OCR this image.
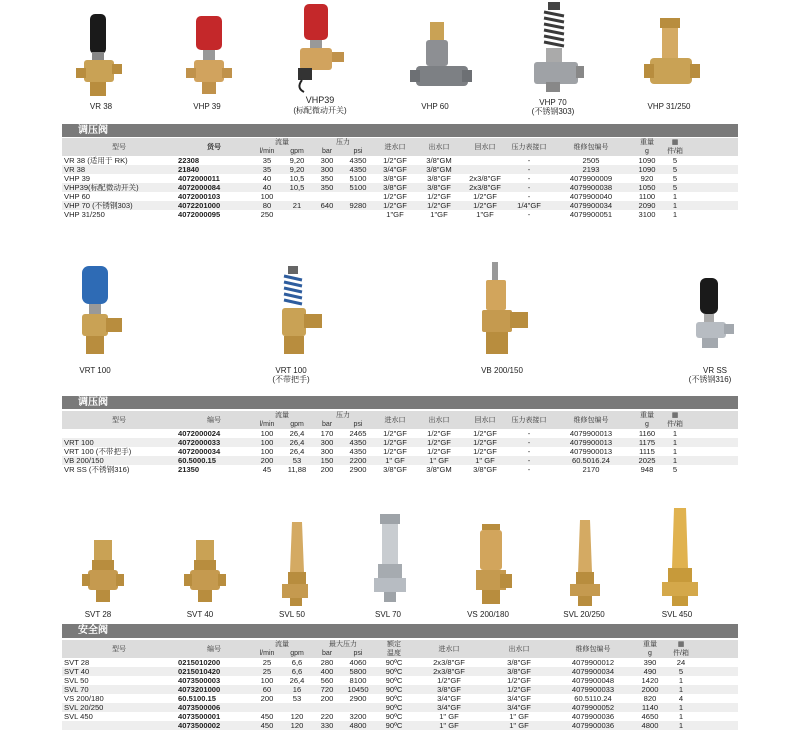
VR 38	VHP 39
VHP39
(标配微动开关)	VHP 60	VHP 70
(不锈钢303)
VHP 31/250
调压阀
型号	货号	流量		压力		进水口	出水口	回水口	压力表接口	维修包编号	重量	▦	
		l/min	gpm	bar	psi						g	件/箱	
VR 38 (适用于 RK)	22308	35	9,20	300	4350	1/2"GF	3/8"GM		-	2505	1090	5	
VR 38	21840	35	9,20	300	4350	3/4"GF	3/8"GM		-	2193	1090	5	
VHP 39	4072000011	40	10,5	350	5100	3/8"GF	3/8"GF	2x3/8"GF	-	4079900009	920	5	
VHP39(标配微动开关)	4072000084	40	10,5	350	5100	3/8"GF	3/8"GF	2x3/8"GF	-	4079900038	1050	5	
VHP 60	4072000103	100				1/2"GF	1/2"GF	1/2"GF	-	4079900040	1100	1	
VHP 70 (不锈钢303)	4072201000	80	21	640	9280	1/2"GF	1/2"GF	1/2"GF	1/4"GF	4079900034	2090	1	
VHP 31/250	4072000095	250				1"GF	1"GF	1"GF	-	4079900051	3100	1	
VRT 100	VRT 100
(不带把手)
VB 200/150	VR SS
(不锈钢316)
调压阀
型号	编号	流量		压力		进水口	出水口	回水口	压力表接口	维修包编号	重量	▦	
		l/min	gpm	bar	psi						g	件/箱	
	4072000024	100	26,4	170	2465	1/2"GF	1/2"GF	1/2"GF	-	4079900013	1160	1	
VRT 100	4072000033	100	26,4	300	4350	1/2"GF	1/2"GF	1/2"GF	-	4079900013	1175	1	
VRT 100 (不带把手)	4072000034	100	26,4	300	4350	1/2"GF	1/2"GF	1/2"GF	-	4079900013	1115	1	
VB 200/150	60.5000.15	200	53	150	2200	1" GF	1" GF	1" GF	-	60.5016.24	2025	1	
VR SS (不锈钢316)	21350	45	11,88	200	2900	3/8"GF	3/8"GM	3/8"GF	-	2170	948	5	
SVT 28	SVT 40	SVL 50	SVL 70	VS 200/180	SVL 20/250	SVL 450
安全阀
型号	编号	流量		最大压力		额定	进水口	出水口	维修包编号	重量	▦	
		l/min	gpm	bar	psi	温度				g	件/箱	
SVT 28	0215010200	25	6,6	280	4060	90ºC	2x3/8"GF	3/8"GF	4079900012	390	24	
SVT 40	0215010420	25	6,6	400	5800	90ºC	2x3/8"GF	3/8"GF	4079900034	490	5	
SVL 50	4073500003	100	26,4	560	8100	90ºC	1/2"GF	1/2"GF	4079900048	1420	1	
SVL 70	4073201000	60	16	720	10450	90ºC	3/8"GF	1/2"GF	4079900033	2000	1	
VS 200/180	60.5100.15	200	53	200	2900	90ºC	3/4"GF	3/4"GF	60.5110.24	820	4	
SVL 20/250	4073500006					90ºC	3/4"GF	3/4"GF	4079900052	1140	1	
SVL 450	4073500001	450	120	220	3200	90ºC	1" GF	1" GF	4079900036	4650	1	
	4073500002	450	120	330	4800	90ºC	1" GF	1" GF	4079900036	4800	1	
